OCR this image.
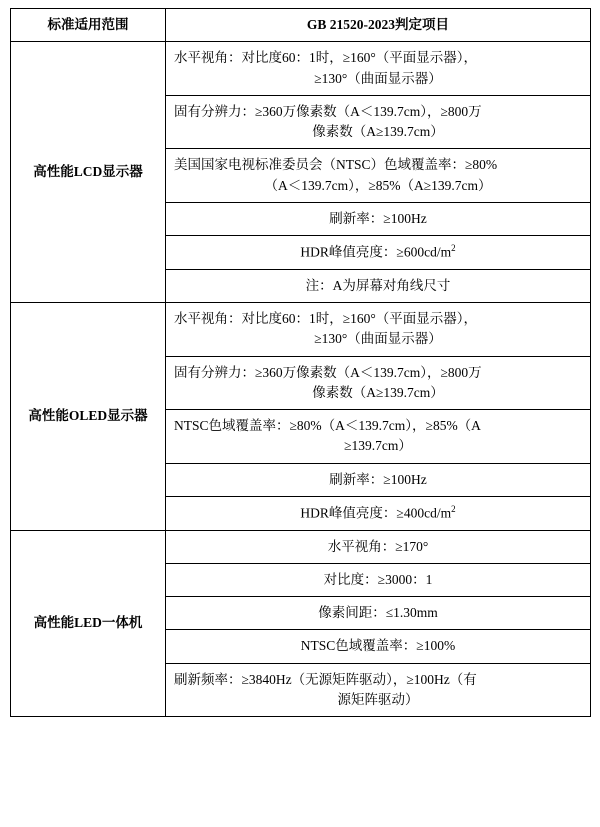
标准适用范围	GB 21520-2023判定项目
高性能LCD显示器	水平视角：对比度60：1时，≥160°（平面显示器），
≥130°（曲面显示器）

	固有分辨力：≥360万像素数（A＜139.7cm），≥800万
像素数（A≥139.7cm）

	美国国家电视标准委员会（NTSC）色域覆盖率：≥80%
（A＜139.7cm），≥85%（A≥139.7cm）

	刷新率：≥100Hz

	HDR峰值亮度：$\ge 600cd/m^2$

	注：A为屏幕对角线尺寸

高性能OLED显示器	水平视角：对比度60：1时，≥160°（平面显示器），
≥130°（曲面显示器）

	固有分辨力：≥360万像素数（A＜139.7cm），≥800万
像素数（A≥139.7cm）

	NTSC色域覆盖率：≥80%（A＜139.7cm），≥85%（A
≥139.7cm）

	刷新率：≥100Hz

	HDR峰值亮度：$\ge 400cd/m^2$

高性能LED一体机	水平视角：≥170°

	对比度：≥3000：1

	像素间距：≤1.30mm

	NTSC色域覆盖率：≥100%

	刷新频率：≥3840Hz（无源矩阵驱动），≥100Hz（有
源矩阵驱动）
